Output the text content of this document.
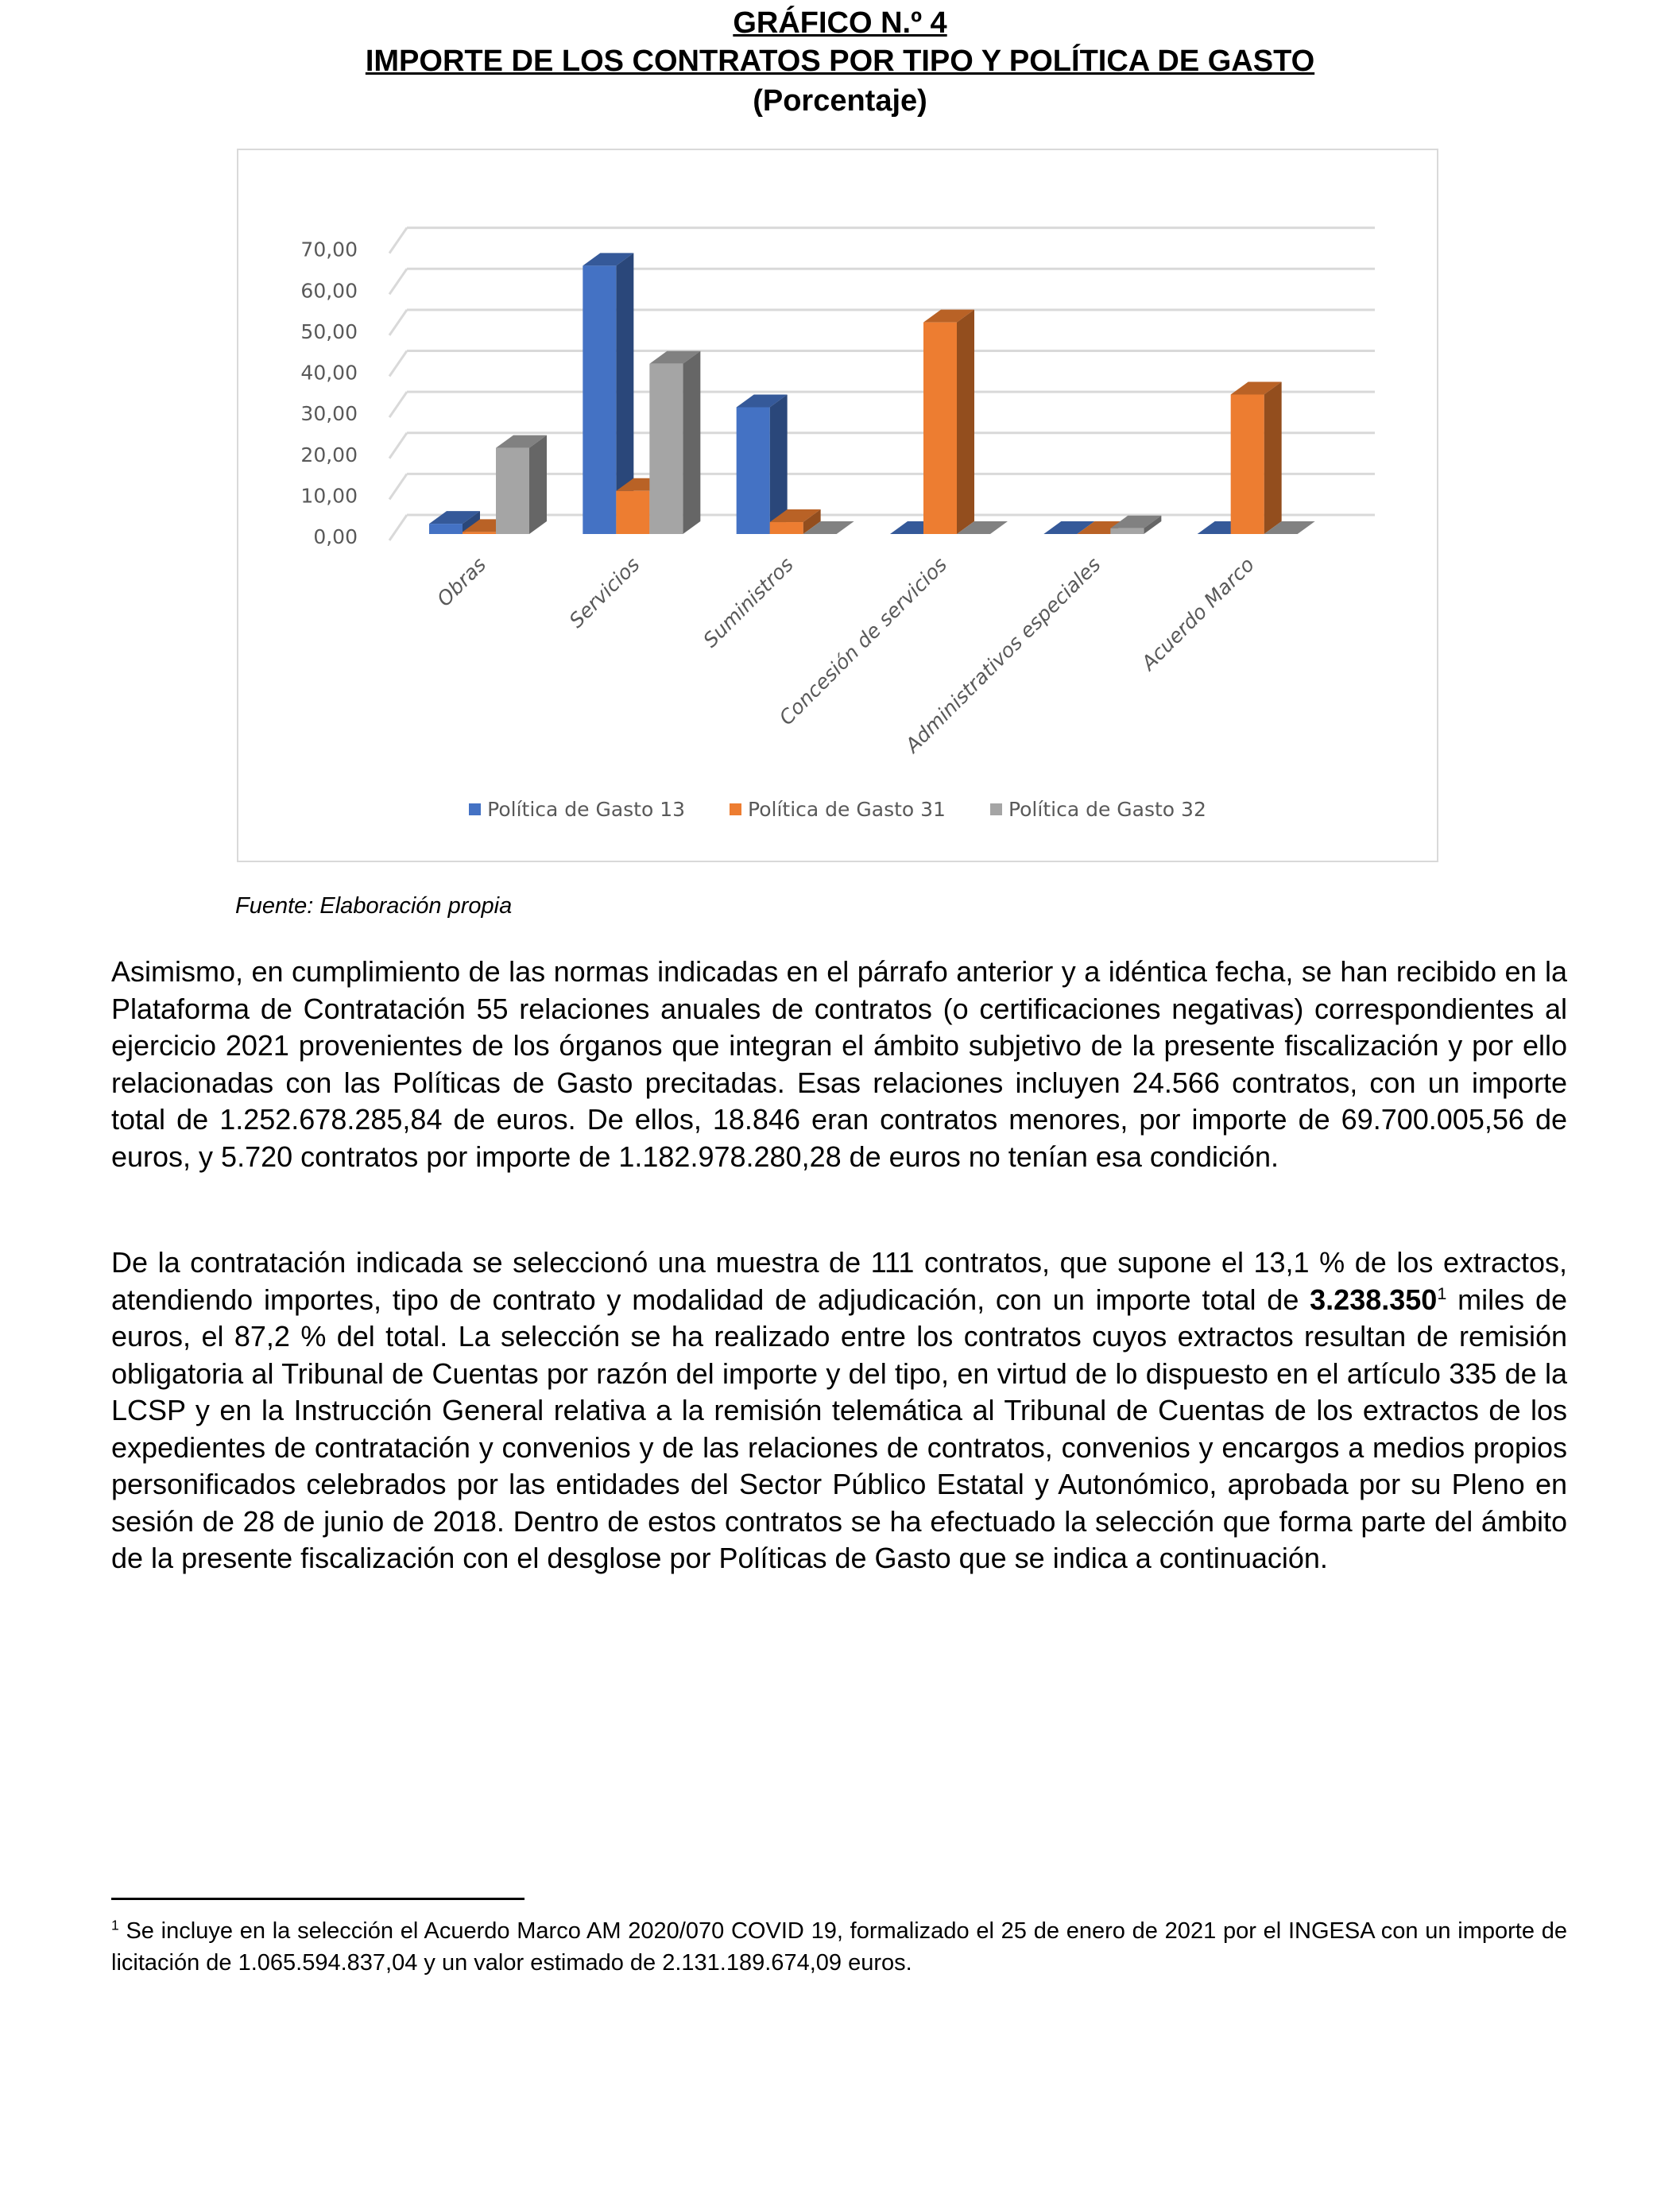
GRÁFICO N.º 4
IMPORTE DE LOS CONTRATOS POR TIPO Y POLÍTICA DE GASTO
(Porcentaje)
0,00
10,00
20,00
30,00
40,00
50,00
60,00
70,00
Obras	Servicios	Suministros
Concesión de servicios
Administrativos especiales Acuerdo Marco
Política de Gasto 13	Política de Gasto 31	Política de Gasto 32
Fuente: Elaboración propia
Asimismo, en cumplimiento de las normas indicadas en el párrafo anterior y a idéntica fecha, se han recibido en la Plataforma de Contratación 55 relaciones anuales de contratos (o certificaciones negativas) correspondientes al ejercicio 2021 provenientes de los órganos que integran el ámbito subjetivo de la presente fiscalización y por ello relacionadas con las Políticas de Gasto precitadas. Esas relaciones incluyen 24.566 contratos, con un importe total de 1.252.678.285,84 de euros. De ellos, 18.846 eran contratos menores, por importe de 69.700.005,56 de euros, y 5.720 contratos por importe de 1.182.978.280,28 de euros no tenían esa condición.
De la contratación indicada se seleccionó una muestra de 111 contratos, que supone el 13,1 % de los extractos, atendiendo importes, tipo de contrato y modalidad de adjudicación, con un importe total de 3.238.350$^1$ miles de euros, el 87,2 % del total. La selección se ha realizado entre los contratos cuyos extractos resultan de remisión obligatoria al Tribunal de Cuentas por razón del importe y del tipo, en virtud de lo dispuesto en el artículo 335 de la LCSP y en la Instrucción General relativa a la remisión telemática al Tribunal de Cuentas de los extractos de los expedientes de contratación y convenios y de las relaciones de contratos, convenios y encargos a medios propios personificados celebrados por las entidades del Sector Público Estatal y Autonómico, aprobada por su Pleno en sesión de 28 de junio de 2018. Dentro de estos contratos se ha efectuado la selección que forma parte del ámbito de la presente fiscalización con el desglose por Políticas de Gasto que se indica a continuación.
$^1$ Se incluye en la selección el Acuerdo Marco AM 2020/070 COVID 19, formalizado el 25 de enero de 2021 por el INGESA con un importe de licitación de 1.065.594.837,04 y un valor estimado de 2.131.189.674,09 euros.
